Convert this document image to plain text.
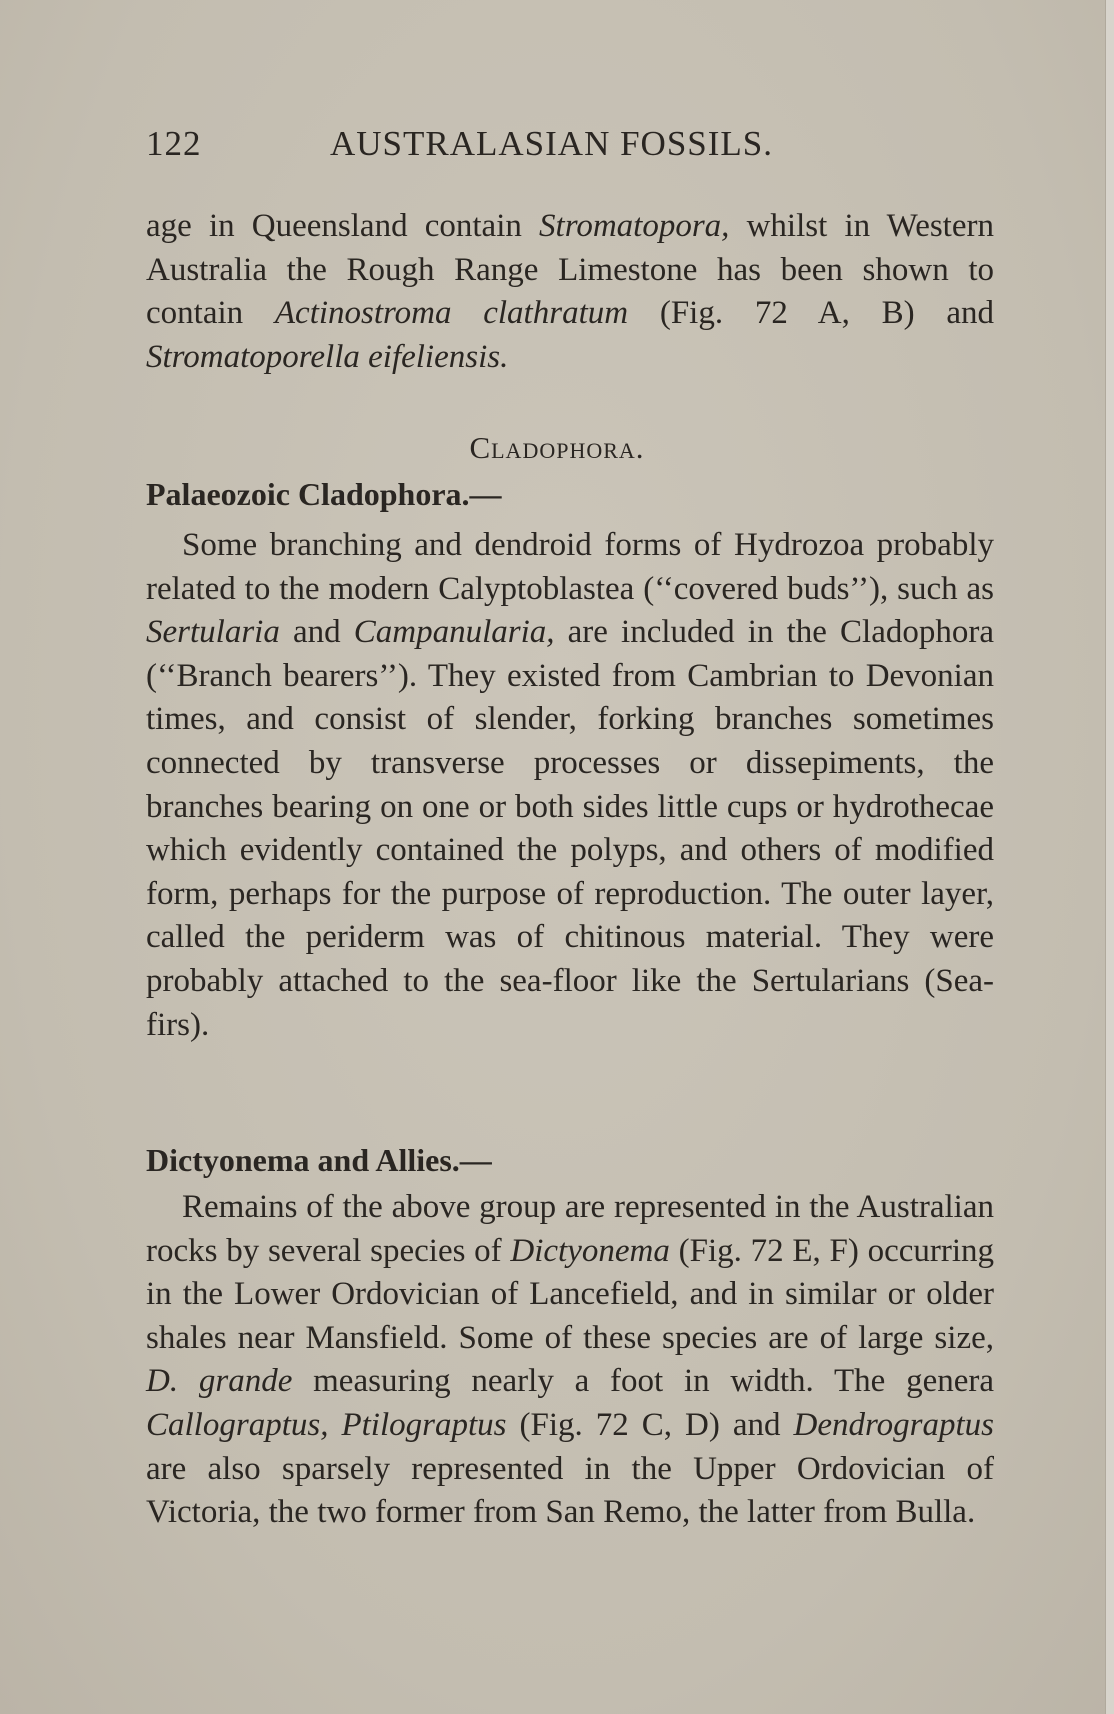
122	AUSTRALASIAN FOSSILS.

age in Queensland contain Stromatopora, whilst in Western Australia the Rough Range Limestone has been shown to contain Actinostroma clathratum (Fig. 72 A, B) and Stromatoporella eifeliensis.

Cladophora.
Palaeozoic Cladophora.—

Some branching and dendroid forms of Hydrozoa probably related to the modern Calyptoblastea (‘‘covered buds’’), such as Sertularia and Campanularia, are included in the Cladophora (‘‘Branch bearers’’). They existed from Cambrian to Devonian times, and consist of slender, forking branches sometimes connected by transverse processes or dissepiments, the branches bearing on one or both sides little cups or hydrothecae which evidently contained the polyps, and others of modified form, perhaps for the purpose of reproduction. The outer layer, called the periderm was of chitinous material. They were probably attached to the sea-floor like the Sertularians (Sea-firs).

Dictyonema and Allies.—

Remains of the above group are represented in the Australian rocks by several species of Dictyonema (Fig. 72 E, F) occurring in the Lower Ordovician of Lancefield, and in similar or older shales near Mansfield. Some of these species are of large size, D. grande measuring nearly a foot in width. The genera Callograptus, Ptilograptus (Fig. 72 C, D) and Dendrograptus are also sparsely represented in the Upper Ordovician of Victoria, the two former from San Remo, the latter from Bulla.
